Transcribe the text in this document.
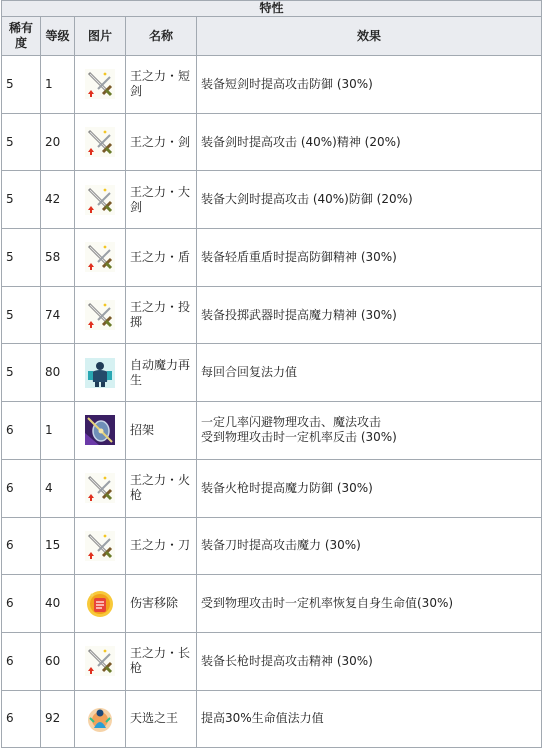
特性				
稀有度	等级	图片	名称	效果
5	1		王之力・短剑	装备短剑时提高攻击防御 (30%)
5	20		王之力・剑	装备剑时提高攻击 (40%)精神 (20%)
5	42		王之力・大剑	装备大剑时提高攻击 (40%)防御 (20%)
5	58		王之力・盾	装备轻盾重盾时提高防御精神 (30%)
5	74		王之力・投掷	装备投掷武器时提高魔力精神 (30%)
5	80		自动魔力再生	每回合回复法力值
6	1		招架	一定几率闪避物理攻击、魔法攻击
受到物理攻击时一定机率反击 (30%)
6	4		王之力・火枪	装备火枪时提高魔力防御 (30%)
6	15		王之力・刀	装备刀时提高攻击魔力 (30%)
6	40		伤害移除	受到物理攻击时一定机率恢复自身生命值(30%)
6	60		王之力・长枪	装备长枪时提高攻击精神 (30%)
6	92		天选之王	提高30%生命值法力值
